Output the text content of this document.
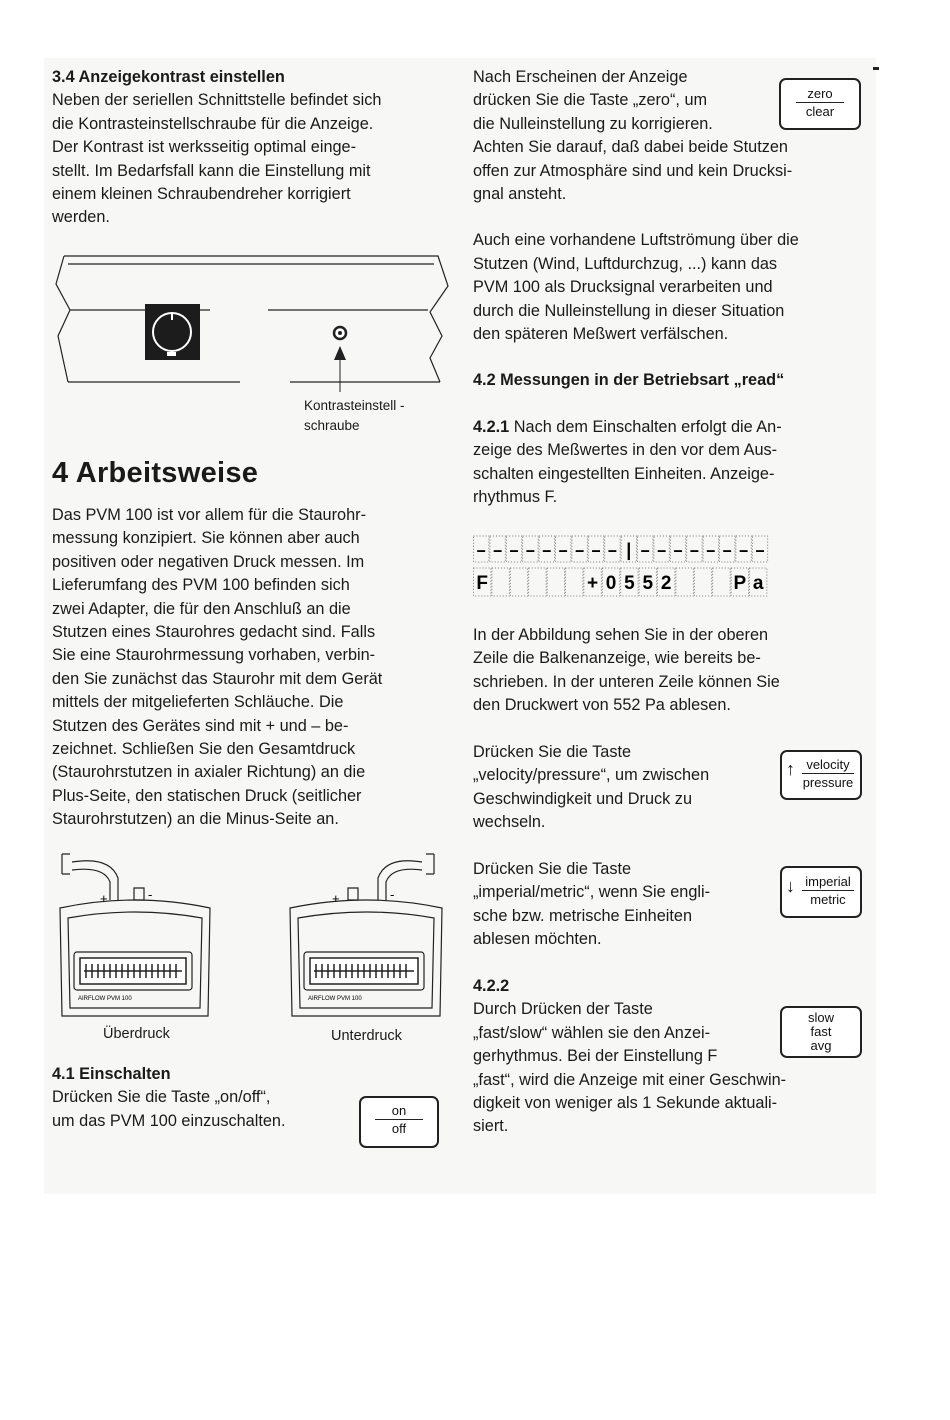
3.4 Anzeigekontrast einstellen

Neben der seriellen Schnittstelle befindet sich

die Kontrasteinstellschraube für die Anzeige.

Der Kontrast ist werksseitig optimal einge-

stellt. Im Bedarfsfall kann die Einstellung mit

einem kleinen Schraubendreher korrigiert

werden.

Kontrasteinstell -
schraube

4 Arbeitsweise

Das PVM 100 ist vor allem für die Staurohr-

messung konzipiert. Sie können aber auch

positiven oder negativen Druck messen. Im

Lieferumfang des PVM 100 befinden sich

zwei Adapter, die für den Anschluß an die

Stutzen eines Staurohres gedacht sind. Falls

Sie eine Staurohrmessung vorhaben, verbin-

den Sie zunächst das Staurohr mit dem Gerät

mittels der mitgelieferten Schläuche. Die

Stutzen des Gerätes sind mit + und – be-

zeichnet. Schließen Sie den Gesamtdruck

(Staurohrstutzen in axialer Richtung) an die

Plus-Seite, den statischen Druck (seitlicher

Staurohrstutzen) an die Minus-Seite an.

+	-
AIRFLOW PVM 100
Überdruck
+	-
AIRFLOW PVM 100
Unterdruck

4.1 Einschalten

Drücken Sie die Taste „on/off“,

um das PVM 100 einzuschalten.

on
off

Nach Erscheinen der Anzeige

drücken Sie die Taste „zero“, um

die Nulleinstellung zu korrigieren.

Achten Sie darauf, daß dabei beide Stutzen

offen zur Atmosphäre sind und kein Drucksi-

gnal ansteht.

Auch eine vorhandene Luftströmung über die

Stutzen (Wind, Luftdurchzug, ...) kann das

PVM 100 als Drucksignal verarbeiten und

durch die Nulleinstellung in dieser Situation

den späteren Meßwert verfälschen.

4.2 Messungen in der Betriebsart „read“

4.2.1 Nach dem Einschalten erfolgt die An-

zeige des Meßwertes in den vor dem Aus-

schalten eingestellten Einheiten. Anzeige-

rhythmus F.

– – – – – – – – – | – – – – – – – –
F	+ 0 5 5 2	P a

In der Abbildung sehen Sie in der oberen

Zeile die Balkenanzeige, wie bereits be-

schrieben. In der unteren Zeile können Sie

den Druckwert von 552 Pa ablesen.

Drücken Sie die Taste

„velocity/pressure“, um zwischen

Geschwindigkeit und Druck zu

wechseln.

↑ velocity
pressure

Drücken Sie die Taste

„imperial/metric“, wenn Sie engli-

sche bzw. metrische Einheiten

ablesen möchten.

↓ imperial
metric

4.2.2

Durch Drücken der Taste

„fast/slow“ wählen sie den Anzei-

gerhythmus. Bei der Einstellung F

„fast“, wird die Anzeige mit einer Geschwin-

digkeit von weniger als 1 Sekunde aktuali-

siert.

slow
fast
avg
zero
clear
